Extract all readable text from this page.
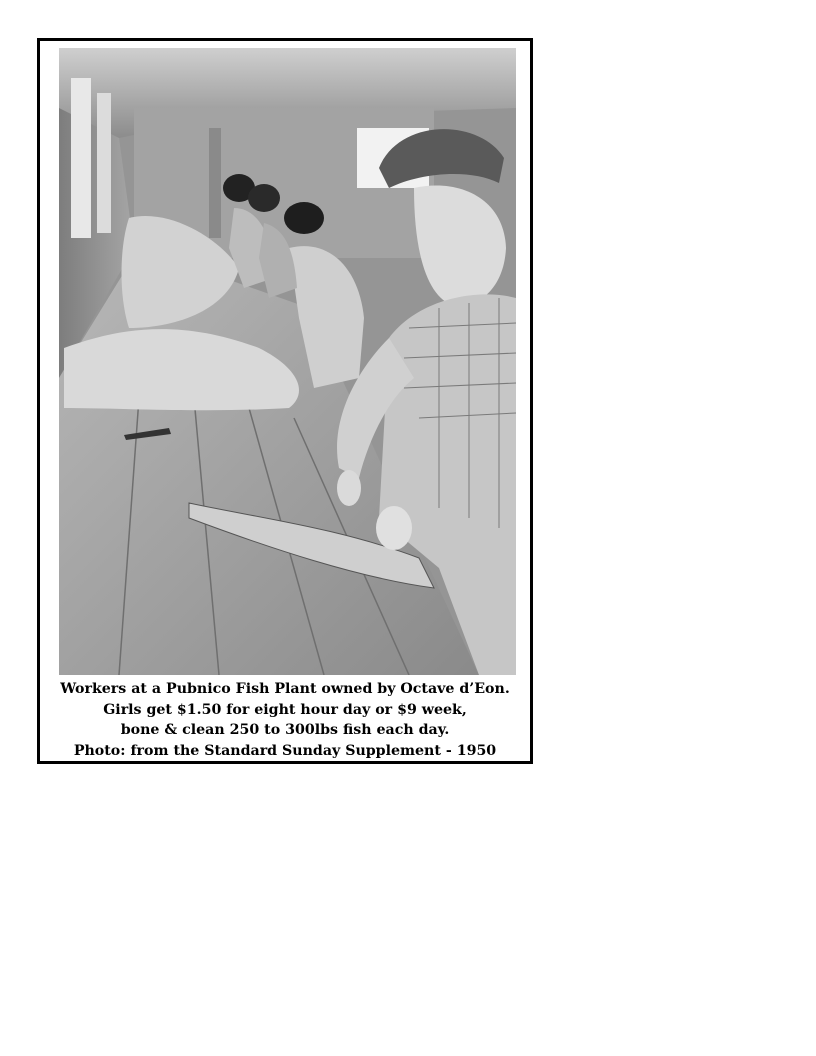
Workers at a Pubnico Fish Plant owned by Octave d’Eon.
Girls get $1.50 for eight hour day or $9 week,
bone & clean 250 to 300lbs fish each day.
Photo: from the Standard Sunday Supplement - 1950
